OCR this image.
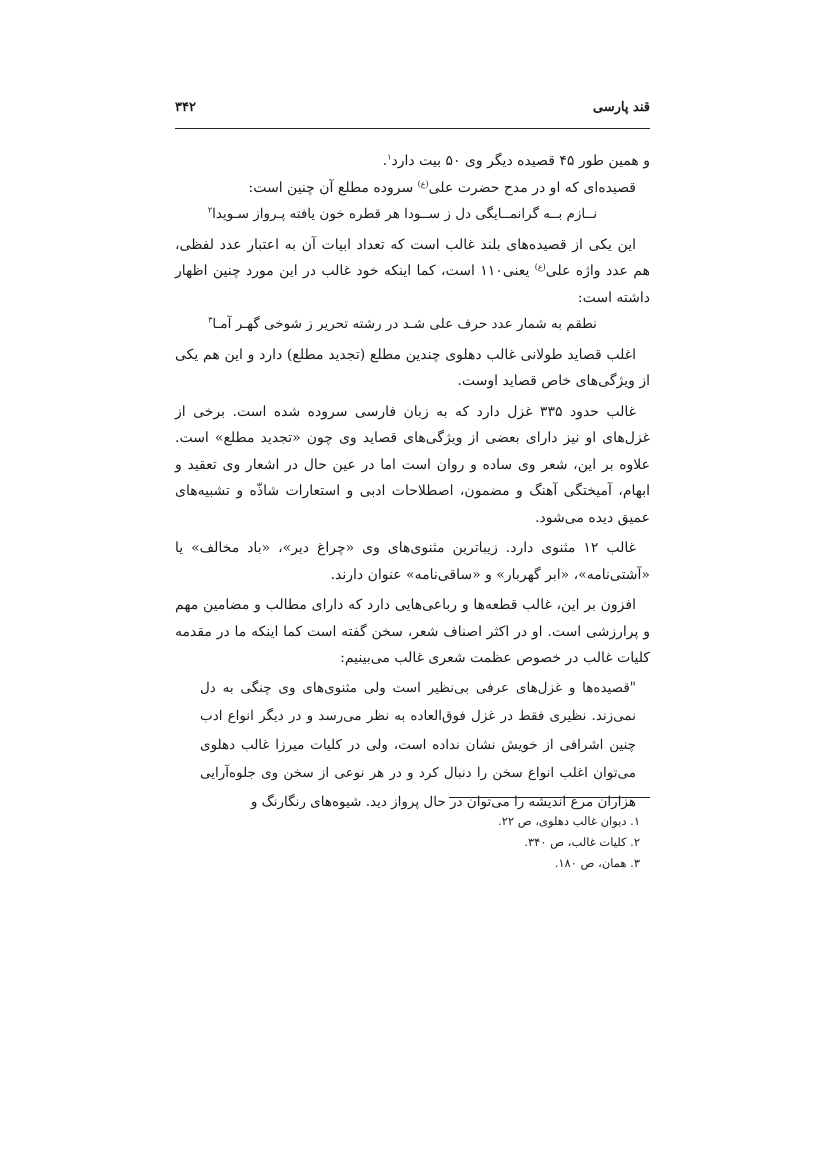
قند پارسی
۳۴۲

و همین طور ۴۵ قصیده دیگر وی ۵۰ بیت دارد$^۱$.

قصیده‌ای که او در مدح حضرت علی$^{(ع)}$ سروده مطلع آن چنین است:

نــازم بــه گرانمــایگی دل ز ســودا هر قطره خون یافته پـرواز سـویدا$^۲$

این یکی از قصیده‌های بلند غالب است که تعداد ابیات آن به اعتبار عدد لفظی، هم عدد واژه علی$^{(ع)}$ یعنی۱۱۰ است، کما اینکه خود غالب در این مورد چنین اظهار داشته است:

نطقم به شمار عدد حرف علی شـد در رشته تحریر ز شوخی گهـر آمـا$^۳$

اغلب قصاید طولانی غالب دهلوی چندین مطلع (تجدید مطلع) دارد و این هم یکی از ویژگی‌های خاص قصاید اوست.

غالب حدود ۳۳۵ غزل دارد که به زبان فارسی سروده شده است. برخی از غزل‌های او نیز دارای بعضی از ویژگی‌های قصاید وی چون «تجدید مطلع» است. علاوه بر این، شعر وی ساده و روان است اما در عین حال در اشعار وی تعقید و ابهام، آمیختگی آهنگ و مضمون، اصطلاحات ادبی و استعارات شاذّه و تشبیه‌های عمیق دیده می‌شود.

غالب ۱۲ مثنوی دارد. زیباترین مثنوی‌های وی «چراغ دیر»، «باد مخالف» یا «آشتی‌نامه»، «ابر گهربار» و «ساقی‌نامه» عنوان دارند.

افزون بر این، غالب قطعه‌ها و رباعی‌هایی دارد که دارای مطالب و مضامین مهم و پرارزشی است. او در اکثر اصناف شعر، سخن گفته است کما اینکه ما در مقدمه کلیات غالب در خصوص عظمت شعری غالب می‌بینیم:

"قصیده‌ها و غزل‌های عرفی بی‌نظیر است ولی مثنوی‌های وی چنگی به دل نمی‌زند. نظیری فقط در غزل فوق‌العاده به نظر می‌رسد و در دیگر انواع ادب چنین اشرافی از خویش نشان نداده است، ولی در کلیات میرزا غالب دهلوی می‌توان اغلب انواع سخن را دنبال کرد و در هر نوعی از سخن وی جلوه‌آرایی هزاران مرغ اندیشه را می‌توان در حال پرواز دید. شیوه‌های رنگارنگ و

۱. دیوان غالب دهلوی، ص ۲۲.

۲. کلیات غالب، ص ۳۴۰.

۳. همان، ص ۱۸۰.
